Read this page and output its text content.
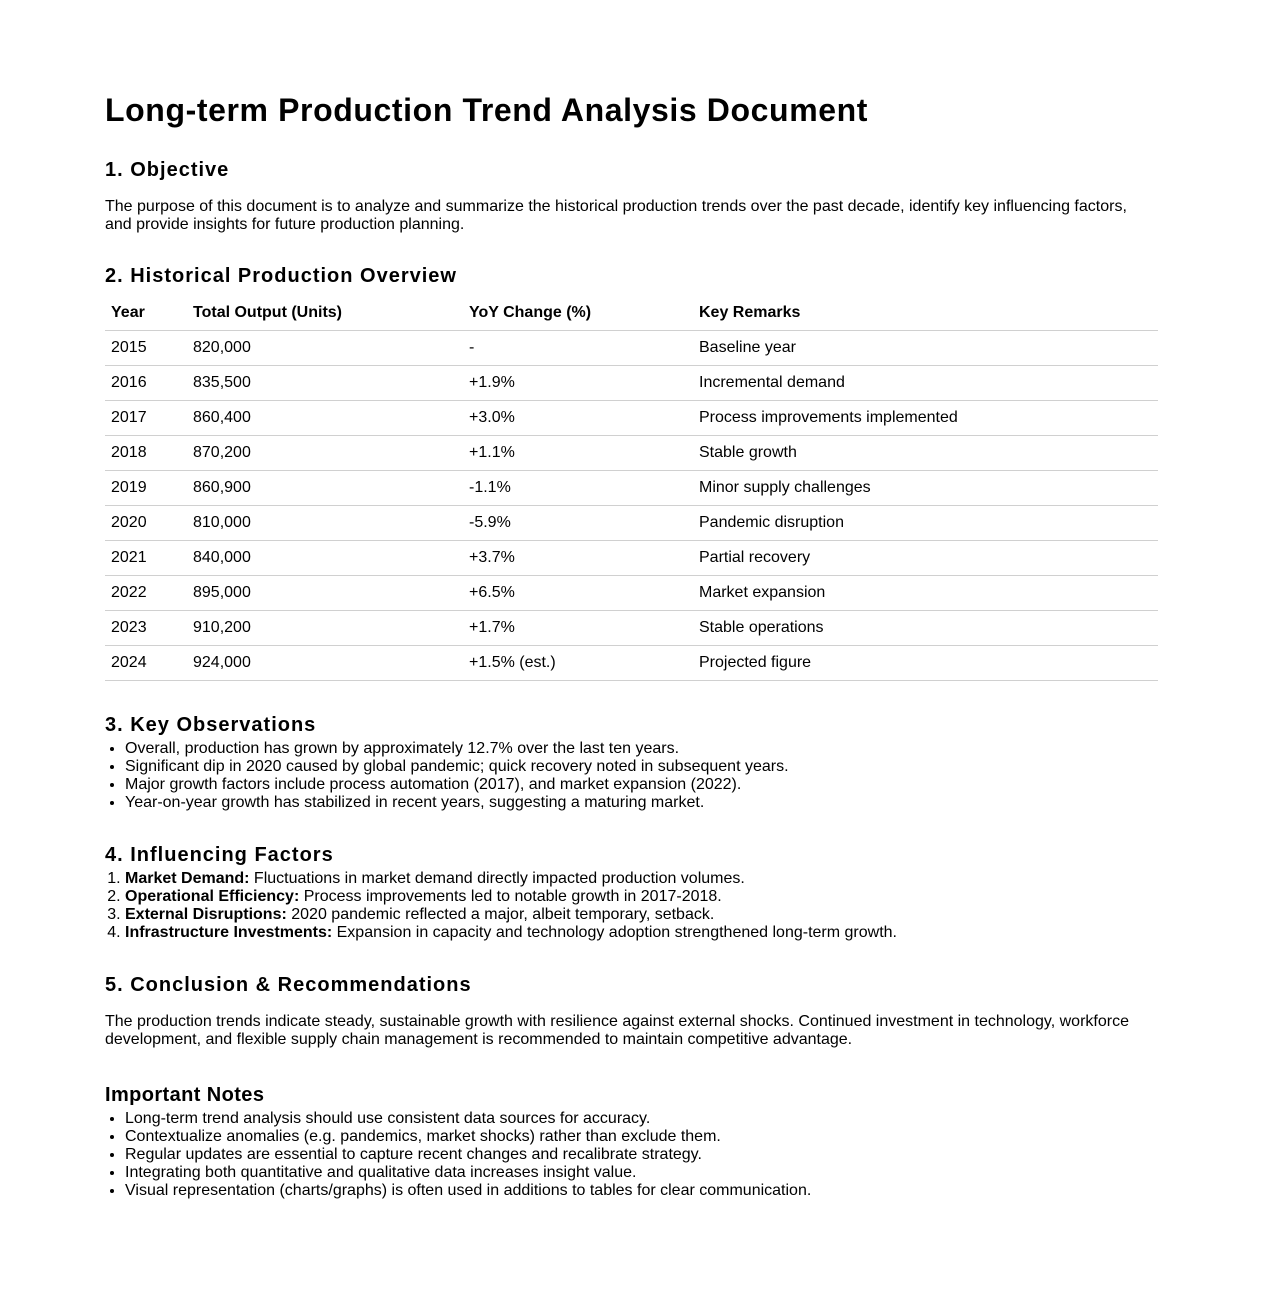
Long-term Production Trend Analysis Document
1. Objective

The purpose of this document is to analyze and summarize the historical production trends over the past decade, identify key influencing factors, and provide insights for future production planning.

2. Historical Production Overview
Year	Total Output (Units)	YoY Change (%)	Key Remarks
2015	820,000	-	Baseline year
2016	835,500	+1.9%	Incremental demand
2017	860,400	+3.0%	Process improvements implemented
2018	870,200	+1.1%	Stable growth
2019	860,900	-1.1%	Minor supply challenges
2020	810,000	-5.9%	Pandemic disruption
2021	840,000	+3.7%	Partial recovery
2022	895,000	+6.5%	Market expansion
2023	910,200	+1.7%	Stable operations
2024	924,000	+1.5% (est.)	Projected figure
3. Key Observations
• Overall, production has grown by approximately 12.7% over the last ten years.
• Significant dip in 2020 caused by global pandemic; quick recovery noted in subsequent years.
• Major growth factors include process automation (2017), and market expansion (2022).
• Year-on-year growth has stabilized in recent years, suggesting a maturing market.
4. Influencing Factors
1. Market Demand: Fluctuations in market demand directly impacted production volumes.
2. Operational Efficiency: Process improvements led to notable growth in 2017-2018.
3. External Disruptions: 2020 pandemic reflected a major, albeit temporary, setback.
4. Infrastructure Investments: Expansion in capacity and technology adoption strengthened long-term growth.
5. Conclusion & Recommendations

The production trends indicate steady, sustainable growth with resilience against external shocks. Continued investment in technology, workforce development, and flexible supply chain management is recommended to maintain competitive advantage.

Important Notes
• Long-term trend analysis should use consistent data sources for accuracy.
• Contextualize anomalies (e.g. pandemics, market shocks) rather than exclude them.
• Regular updates are essential to capture recent changes and recalibrate strategy.
• Integrating both quantitative and qualitative data increases insight value.
• Visual representation (charts/graphs) is often used in additions to tables for clear communication.
